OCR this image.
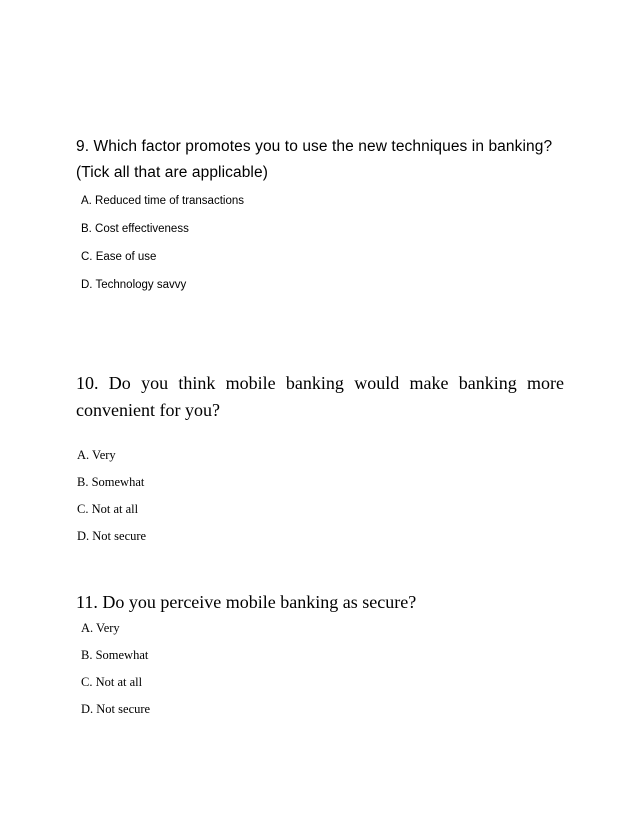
9. Which factor promotes you to use the new techniques in banking? (Tick all that are applicable)

A. Reduced time of transactions
B. Cost effectiveness
C. Ease of use
D. Technology savvy

10. Do you think mobile banking would make banking more convenient for you?

A. Very
B. Somewhat
C. Not at all
D. Not secure

11. Do you perceive mobile banking as secure?

A. Very
B. Somewhat
C. Not at all
D. Not secure
